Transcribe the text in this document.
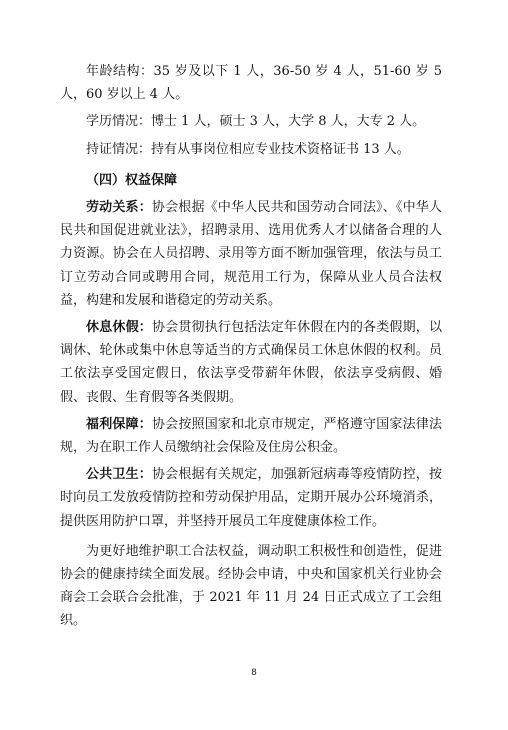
年龄结构：35 岁及以下 1 人，36-50 岁 4 人，51-60 岁 5 人，60 岁以上 4 人。

学历情况：博士 1 人，硕士 3 人，大学 8 人，大专 2 人。

持证情况：持有从事岗位相应专业技术资格证书 13 人。

（四）权益保障

劳动关系：协会根据《中华人民共和国劳动合同法》、《中华人民共和国促进就业法》，招聘录用、选用优秀人才以储备合理的人力资源。协会在人员招聘、录用等方面不断加强管理，依法与员工订立劳动合同或聘用合同，规范用工行为，保障从业人员合法权益，构建和发展和谐稳定的劳动关系。

休息休假：协会贯彻执行包括法定年休假在内的各类假期，以调休、轮休或集中休息等适当的方式确保员工休息休假的权利。员工依法享受国定假日，依法享受带薪年休假，依法享受病假、婚假、丧假、生育假等各类假期。

福利保障：协会按照国家和北京市规定，严格遵守国家法律法规，为在职工作人员缴纳社会保险及住房公积金。

公共卫生：协会根据有关规定，加强新冠病毒等疫情防控，按时向员工发放疫情防控和劳动保护用品，定期开展办公环境消杀，提供医用防护口罩，并坚持开展员工年度健康体检工作。

为更好地维护职工合法权益，调动职工积极性和创造性，促进协会的健康持续全面发展。经协会申请，中央和国家机关行业协会商会工会联合会批准，于 2021 年 11 月 24 日正式成立了工会组织。

8
